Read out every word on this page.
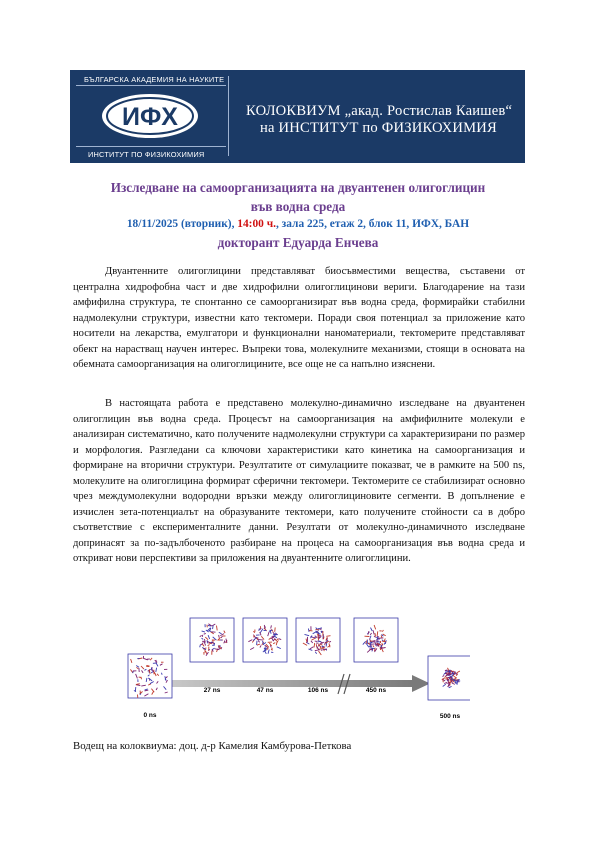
БЪЛГАРСКА АКАДЕМИЯ НА НАУКИТЕ
ИФХ
ИНСТИТУТ ПО ФИЗИКОХИМИЯ
КОЛОКВИУМ „акад. Ростислав Каишев“
на ИНСТИТУТ по ФИЗИКОХИМИЯ
Изследване на самоорганизацията на двуантенен олигоглицин
във водна среда
18/11/2025 (вторник), 14:00 ч., зала 225, етаж 2, блок 11, ИФХ, БАН
докторант Едуарда Енчева

Двуантенните олигоглицини представляват биосъвместими вещества, съставени от централна хидрофобна част и две хидрофилни олигоглицинови вериги. Благодарение на тази амфифилна структура, те спонтанно се самоорганизират във водна среда, формирайки стабилни надмолекулни структури, известни като тектомери. Поради своя потенциал за приложение като носители на лекарства, емулгатори и функционални наноматериали, тектомерите представляват обект на нарастващ научен интерес. Въпреки това, молекулните механизми, стоящи в основата на обемната самоорганизация на олигоглицините, все още не са напълно изяснени.

В настоящата работа е представено молекулно-динамично изследване на двуантенен олигоглицин във водна среда. Процесът на самоорганизация на амфифилните молекули е анализиран систематично, като получените надмолекулни структури са характеризирани по размер и морфология. Разгледани са ключови характеристики като кинетика на самоорганизация и формиране на вторични структури. Резултатите от симулациите показват, че в рамките на 500 ns, молекулите на олигоглицина формират сферични тектомери. Тектомерите се стабилизират основно чрез междумолекулни водородни връзки между олигоглициновите сегменти. В допълнение е изчислен зета-потенциалът на образуваните тектомери, като получените стойности са в добро съответствие с експерименталните данни. Резултати от молекулно-динамичното изследване допринасят за по-задълбоченото разбиране на процеса на самоорганизация във водна среда и откриват нови перспективи за приложения на двуантенните олигоглицини.

0 ns
27 ns	47 ns	106 ns	450 ns
500 ns
Водещ на колоквиума: доц. д-р Камелия Камбурова-Петкова
